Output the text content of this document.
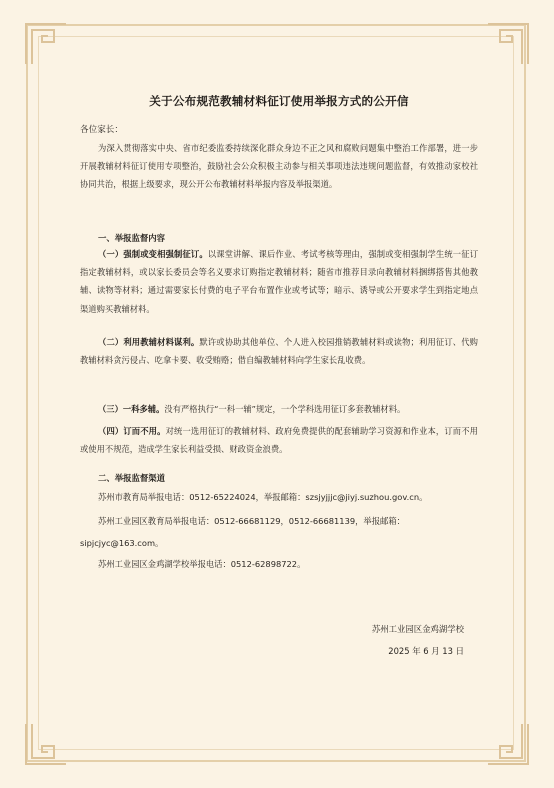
关于公布规范教辅材料征订使用举报方式的公开信
各位家长：
为深入贯彻落实中央、省市纪委监委持续深化群众身边不正之风和腐败问题集中整治工作部署，进一步开展教辅材料征订使用专项整治，鼓励社会公众积极主动参与相关事项违法违规问题监督，有效推动家校社协同共治，根据上级要求，现公开公布教辅材料举报内容及举报渠道。
一、举报监督内容
（一）强制或变相强制征订。以课堂讲解、课后作业、考试考核等理由，强制或变相强制学生统一征订指定教辅材料，或以家长委员会等名义要求订购指定教辅材料；随省市推荐目录向教辅材料捆绑搭售其他教辅、读物等材料；通过需要家长付费的电子平台布置作业或考试等；暗示、诱导或公开要求学生到指定地点渠道购买教辅材料。
（二）利用教辅材料谋利。默许或协助其他单位、个人进入校园推销教辅材料或读物；利用征订、代购教辅材料贪污侵占、吃拿卡要、收受贿赂；借自编教辅材料向学生家长乱收费。
（三）一科多辅。没有严格执行“一科一辅”规定，一个学科选用征订多套教辅材料。
（四）订而不用。对统一选用征订的教辅材料、政府免费提供的配套辅助学习资源和作业本，订而不用或使用不规范，造成学生家长利益受损、财政资金浪费。
二、举报监督渠道
苏州市教育局举报电话：0512-65224024，举报邮箱：szsjyjjjc@jiyj.suzhou.gov.cn。
苏州工业园区教育局举报电话：0512-66681129，0512-66681139，举报邮箱：sipjcjyc@163.com。
苏州工业园区金鸡湖学校举报电话：0512-62898722。
苏州工业园区金鸡湖学校
2025 年 6 月 13 日
